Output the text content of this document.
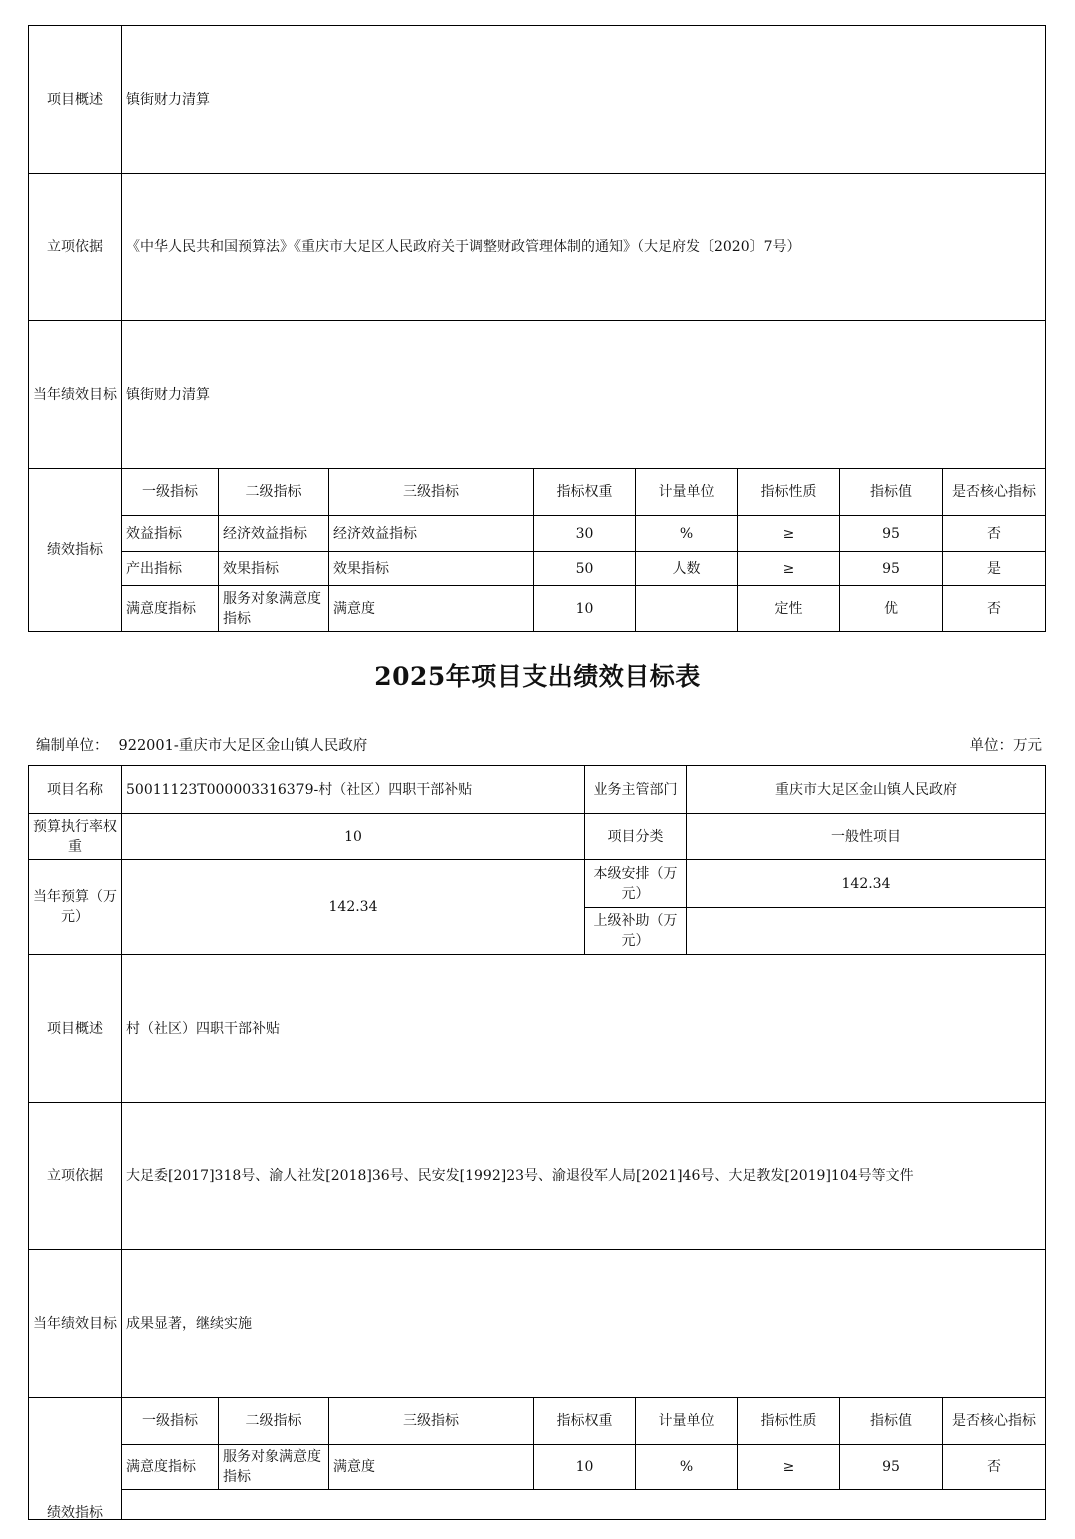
项目概述	镇街财力清算							
立项依据	《中华人民共和国预算法》《重庆市大足区人民政府关于调整财政管理体制的通知》（大足府发〔2020〕7号）							
当年绩效目标	镇街财力清算							
绩效指标	一级指标	二级指标	三级指标	指标权重	计量单位	指标性质	指标值	是否核心指标
	效益指标	经济效益指标	经济效益指标	30	%	≥	95	否
	产出指标	效果指标	效果指标	50	人数	≥	95	是
	满意度指标	服务对象满意度指标	满意度	10		定性	优	否
2025年项目支出绩效目标表
编制单位： 922001-重庆市大足区金山镇人民政府	单位：万元
项目名称	50011123T000003316379-村（社区）四职干部补贴	业务主管部门	重庆市大足区金山镇人民政府
预算执行率权重	10	项目分类	一般性项目
当年预算（万元）	142.34	本级安排（万元）	142.34
		上级补助（万元）	
项目概述	村（社区）四职干部补贴		
立项依据	大足委[2017]318号、渝人社发[2018]36号、民安发[1992]23号、渝退役军人局[2021]46号、大足教发[2019]104号等文件		
当年绩效目标	成果显著，继续实施		
绩效指标	一级指标	二级指标	三级指标	指标权重	计量单位	指标性质	指标值	是否核心指标
	满意度指标	服务对象满意度指标	满意度	10	%	≥	95	否
